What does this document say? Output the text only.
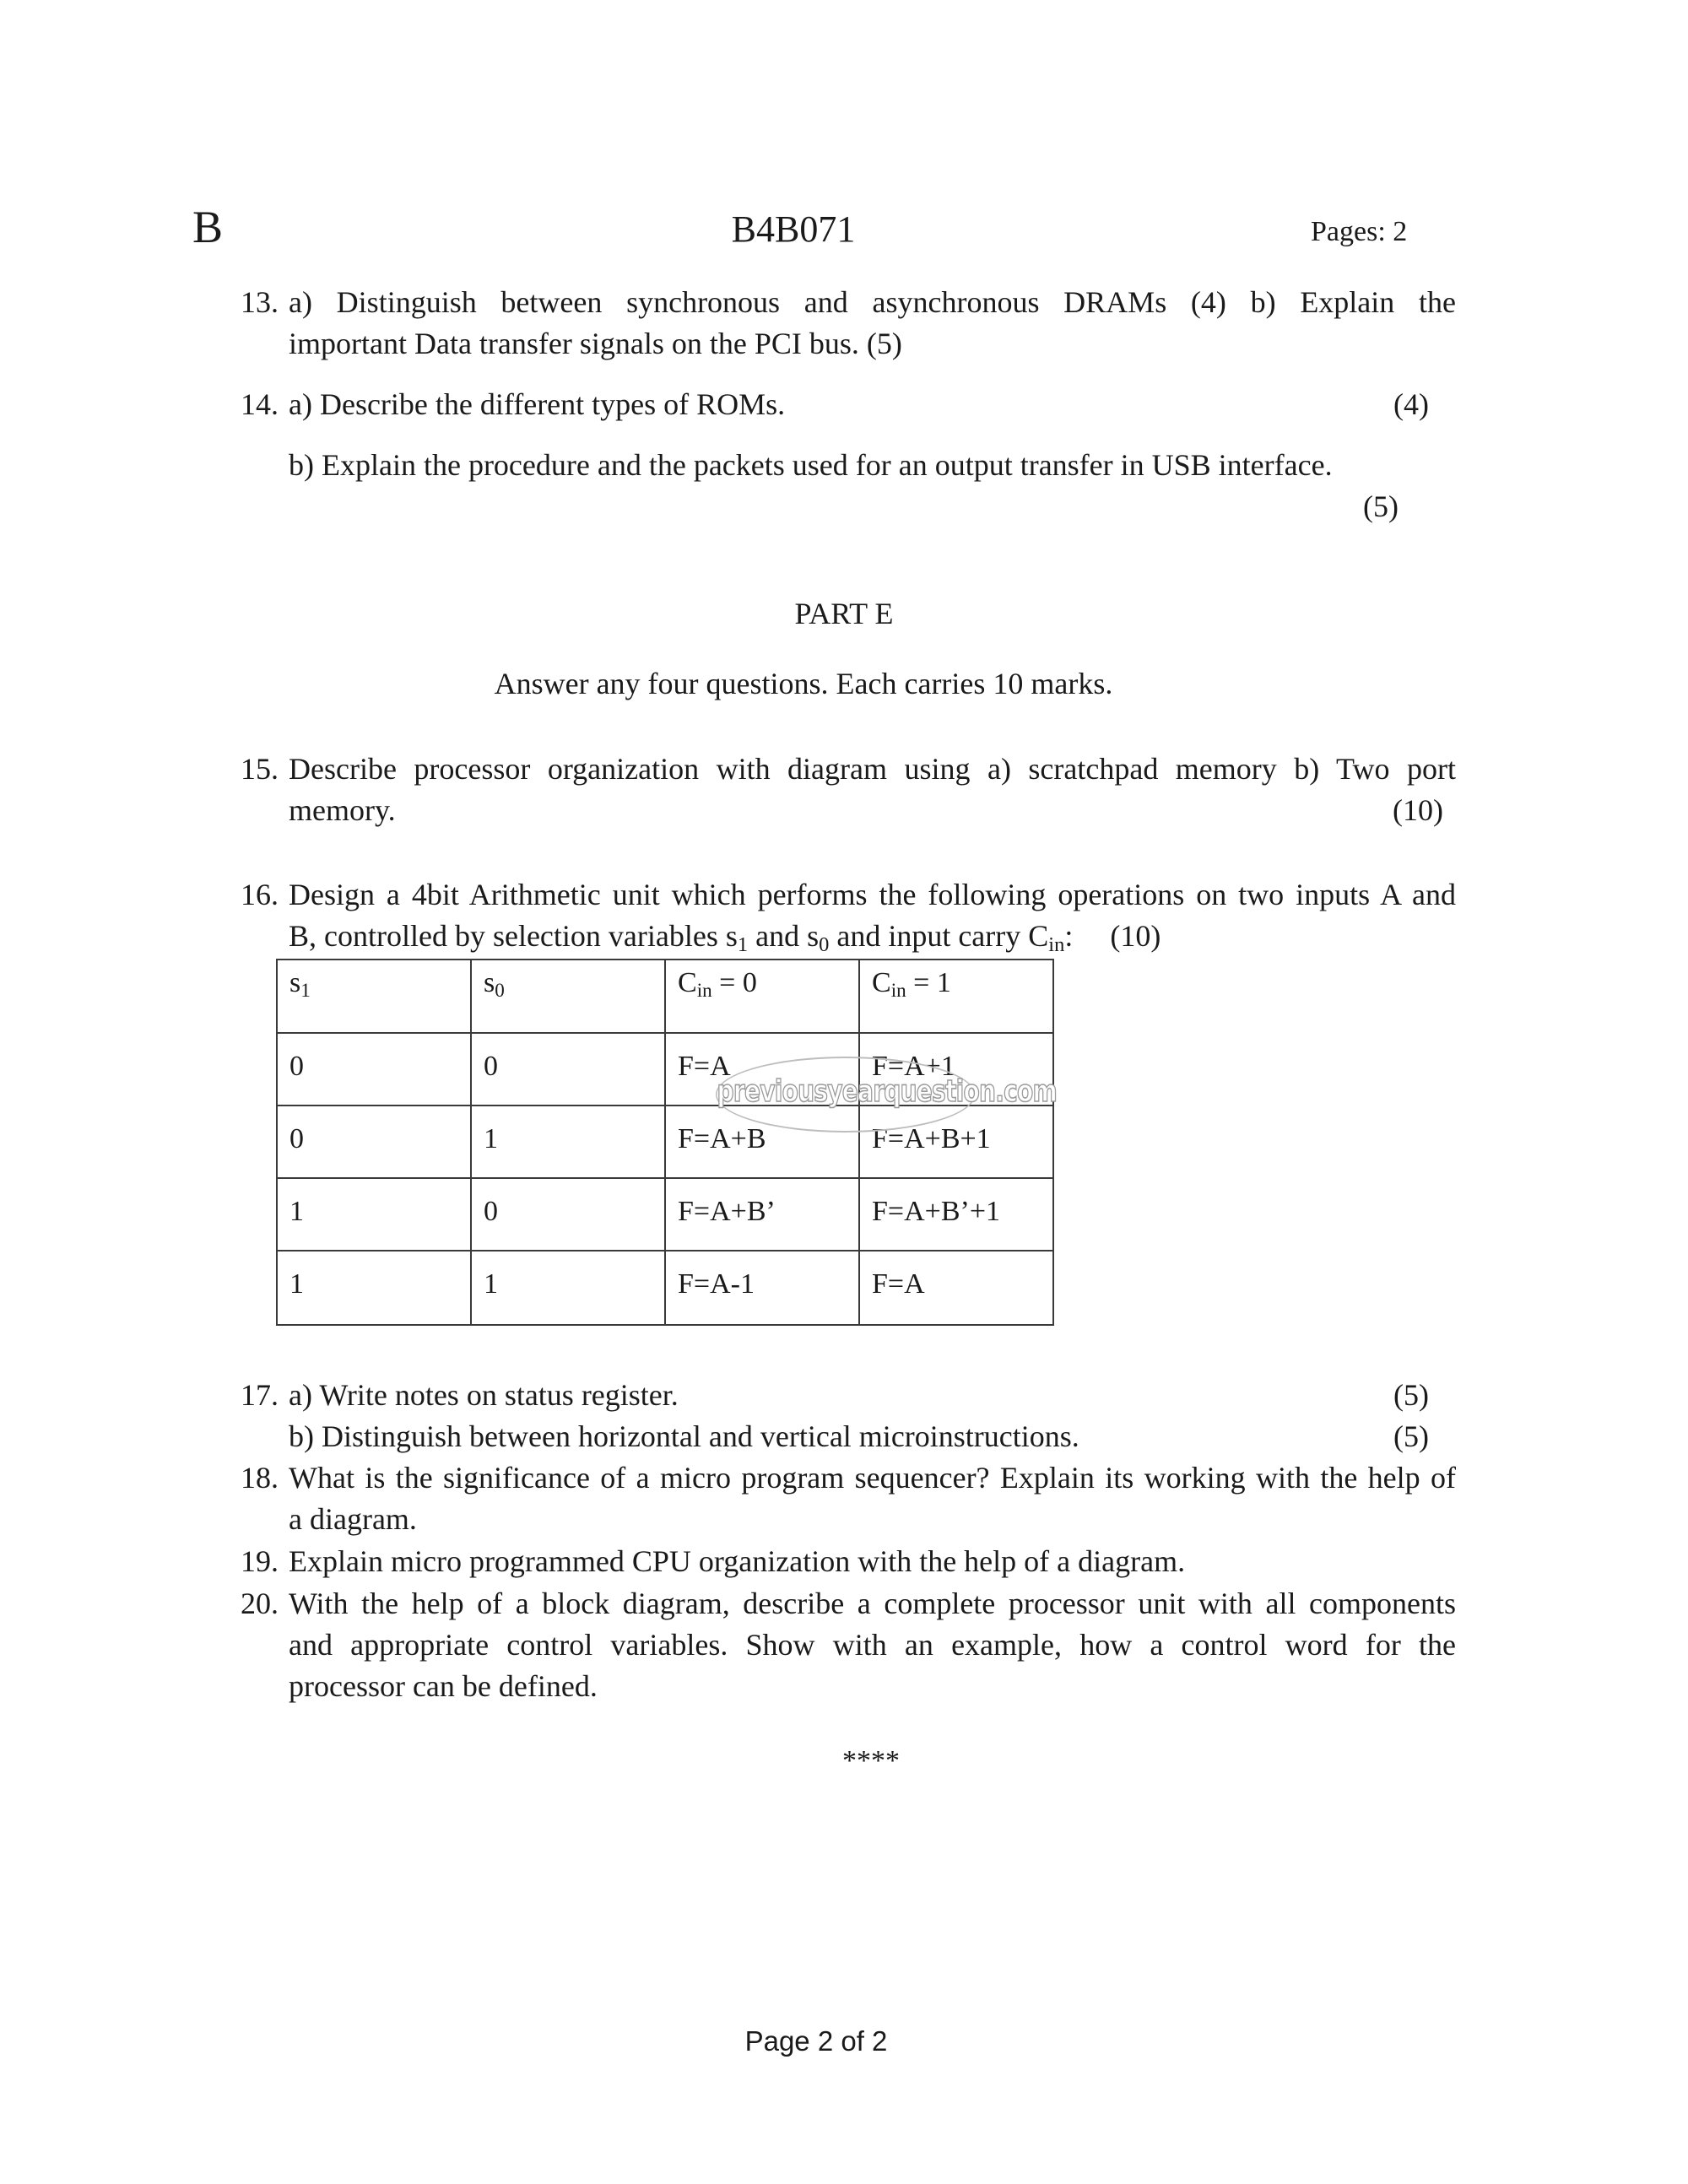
B	B4B071	Pages: 2
13. a) Distinguish between synchronous and asynchronous DRAMs (4) b) Explain the
important Data transfer signals on the PCI bus. (5)
14. a) Describe the different types of ROMs.	(4)
b) Explain the procedure and the packets used for an output transfer in USB interface.
(5)
PART E
Answer any four questions. Each carries 10 marks.
15. Describe processor organization with diagram using a) scratchpad memory b) Two port
memory.	(10)
16. Design a 4bit Arithmetic unit which performs the following operations on two inputs A and
B, controlled by selection variables s1 and s0 and input carry Cin: (10)
s1	s0	Cin = 0	Cin = 1
0	0	F=A	F=A+1
0	1	F=A+B	F=A+B+1
1	0	F=A+B’	F=A+B’+1
1	1	F=A-1	F=A
previousyearquestion.com
17. a) Write notes on status register.	(5)
b) Distinguish between horizontal and vertical microinstructions.	(5)
18. What is the significance of a micro program sequencer? Explain its working with the help of
a diagram.
19. Explain micro programmed CPU organization with the help of a diagram.
20. With the help of a block diagram, describe a complete processor unit with all components
and appropriate control variables. Show with an example, how a control word for the
processor can be defined.
****
Page 2 of 2
